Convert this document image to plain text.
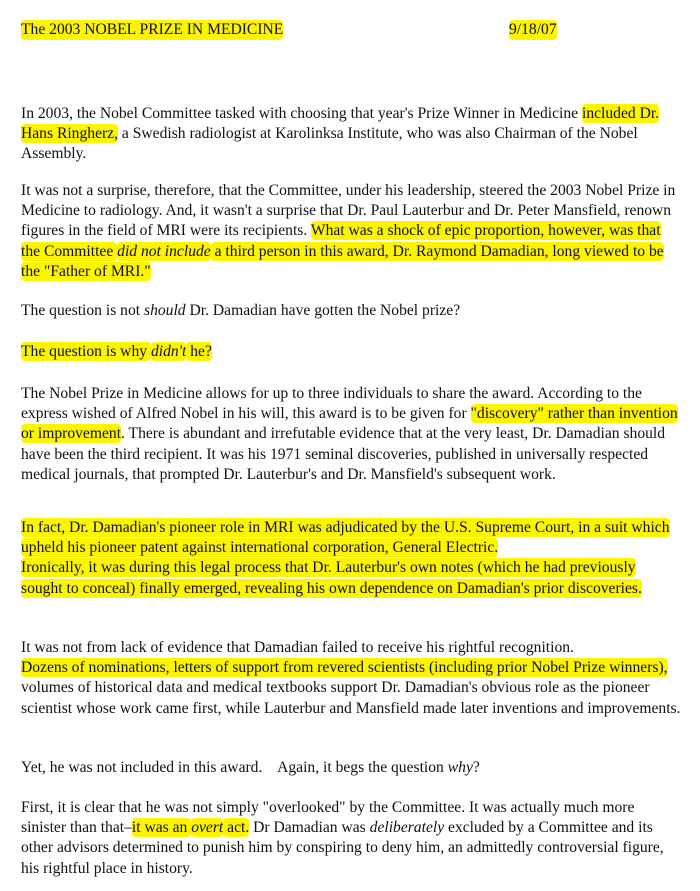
The 2003 NOBEL PRIZE IN MEDICINE	9/18/07

In 2003, the Nobel Committee tasked with choosing that year's Prize Winner in Medicine included Dr. Hans Ringherz, a Swedish radiologist at Karolinksa Institute, who was also Chairman of the Nobel Assembly.

It was not a surprise, therefore, that the Committee, under his leadership, steered the 2003 Nobel Prize in Medicine to radiology. And, it wasn't a surprise that Dr. Paul Lauterbur and Dr. Peter Mansfield, renown figures in the field of MRI were its recipients. What was a shock of epic proportion, however, was that the Committee did not include a third person in this award, Dr. Raymond Damadian, long viewed to be the "Father of MRI."

The question is not should Dr. Damadian have gotten the Nobel prize?

The question is why didn't he?

The Nobel Prize in Medicine allows for up to three individuals to share the award. According to the express wished of Alfred Nobel in his will, this award is to be given for "discovery" rather than invention or improvement. There is abundant and irrefutable evidence that at the very least, Dr. Damadian should have been the third recipient. It was his 1971 seminal discoveries, published in universally respected medical journals, that prompted Dr. Lauterbur's and Dr. Mansfield's subsequent work.

In fact, Dr. Damadian's pioneer role in MRI was adjudicated by the U.S. Supreme Court, in a suit which upheld his pioneer patent against international corporation, General Electric.
Ironically, it was during this legal process that Dr. Lauterbur's own notes (which he had previously sought to conceal) finally emerged, revealing his own dependence on Damadian's prior discoveries.

It was not from lack of evidence that Damadian failed to receive his rightful recognition.
Dozens of nominations, letters of support from revered scientists (including prior Nobel Prize winners), volumes of historical data and medical textbooks support Dr. Damadian's obvious role as the pioneer scientist whose work came first, while Lauterbur and Mansfield made later inventions and improvements.

Yet, he was not included in this award.    Again, it begs the question why?

First, it is clear that he was not simply "overlooked" by the Committee. It was actually much more sinister than that–it was an overt act. Dr Damadian was deliberately excluded by a Committee and its other advisors determined to punish him by conspiring to deny him, an admittedly controversial figure, his rightful place in history.
